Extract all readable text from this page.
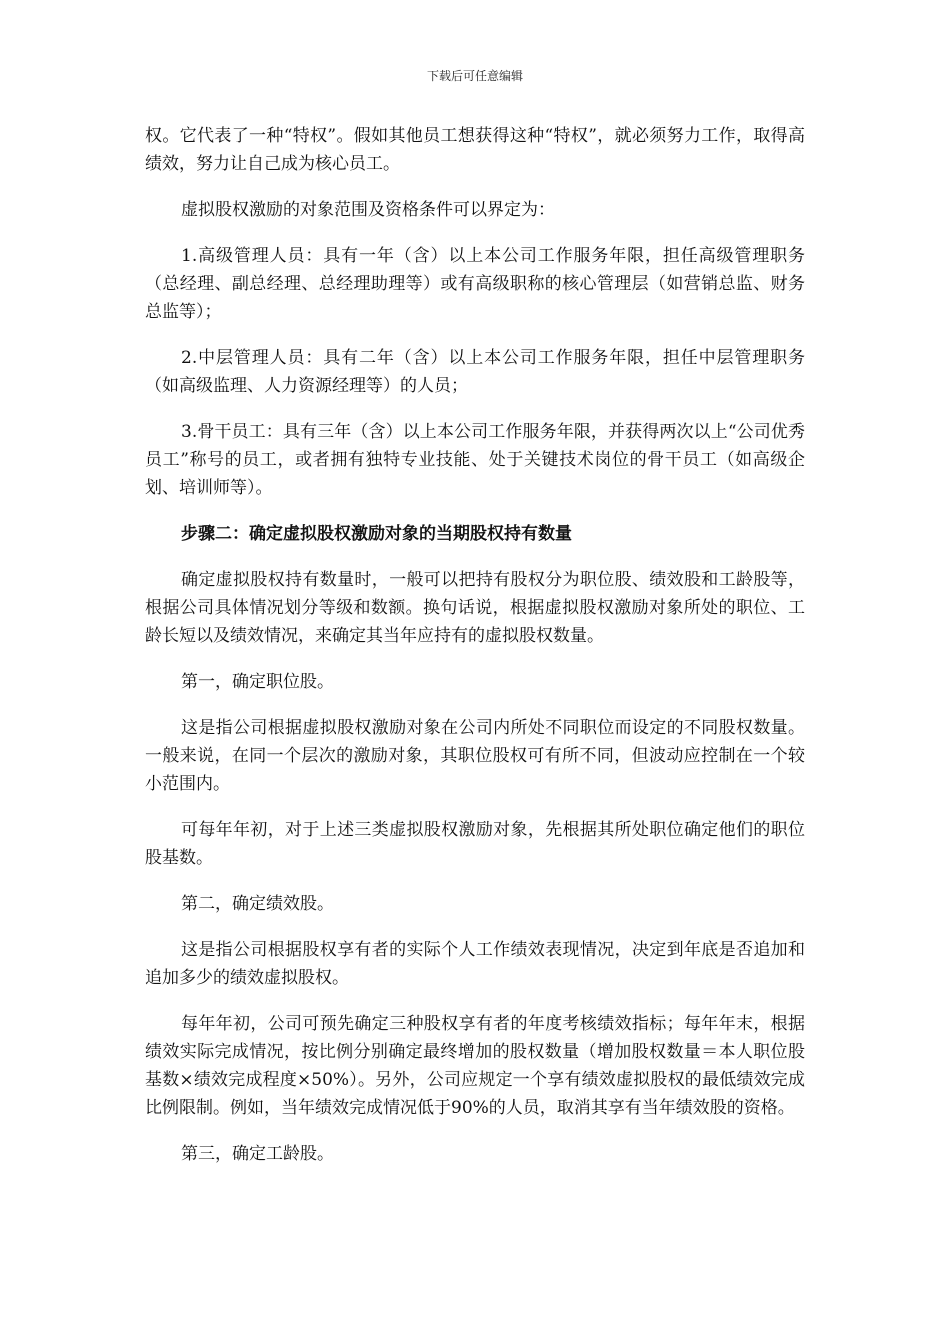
下载后可任意编辑

权。它代表了一种“特权”。假如其他员工想获得这种“特权”，就必须努力工作，取得高绩效，努力让自己成为核心员工。

虚拟股权激励的对象范围及资格条件可以界定为：

1.高级管理人员：具有一年（含）以上本公司工作服务年限，担任高级管理职务（总经理、副总经理、总经理助理等）或有高级职称的核心管理层（如营销总监、财务总监等）；

2.中层管理人员：具有二年（含）以上本公司工作服务年限，担任中层管理职务（如高级监理、人力资源经理等）的人员；

3.骨干员工：具有三年（含）以上本公司工作服务年限，并获得两次以上“公司优秀员工”称号的员工，或者拥有独特专业技能、处于关键技术岗位的骨干员工（如高级企划、培训师等）。

步骤二：确定虚拟股权激励对象的当期股权持有数量

确定虚拟股权持有数量时，一般可以把持有股权分为职位股、绩效股和工龄股等，根据公司具体情况划分等级和数额。换句话说，根据虚拟股权激励对象所处的职位、工龄长短以及绩效情况，来确定其当年应持有的虚拟股权数量。

第一，确定职位股。

这是指公司根据虚拟股权激励对象在公司内所处不同职位而设定的不同股权数量。一般来说，在同一个层次的激励对象，其职位股权可有所不同，但波动应控制在一个较小范围内。

可每年年初，对于上述三类虚拟股权激励对象，先根据其所处职位确定他们的职位股基数。

第二，确定绩效股。

这是指公司根据股权享有者的实际个人工作绩效表现情况，决定到年底是否追加和追加多少的绩效虚拟股权。

每年年初，公司可预先确定三种股权享有者的年度考核绩效指标；每年年末，根据绩效实际完成情况，按比例分别确定最终增加的股权数量（增加股权数量＝本人职位股基数×绩效完成程度×50%）。另外，公司应规定一个享有绩效虚拟股权的最低绩效完成比例限制。例如，当年绩效完成情况低于90%的人员，取消其享有当年绩效股的资格。

第三，确定工龄股。
